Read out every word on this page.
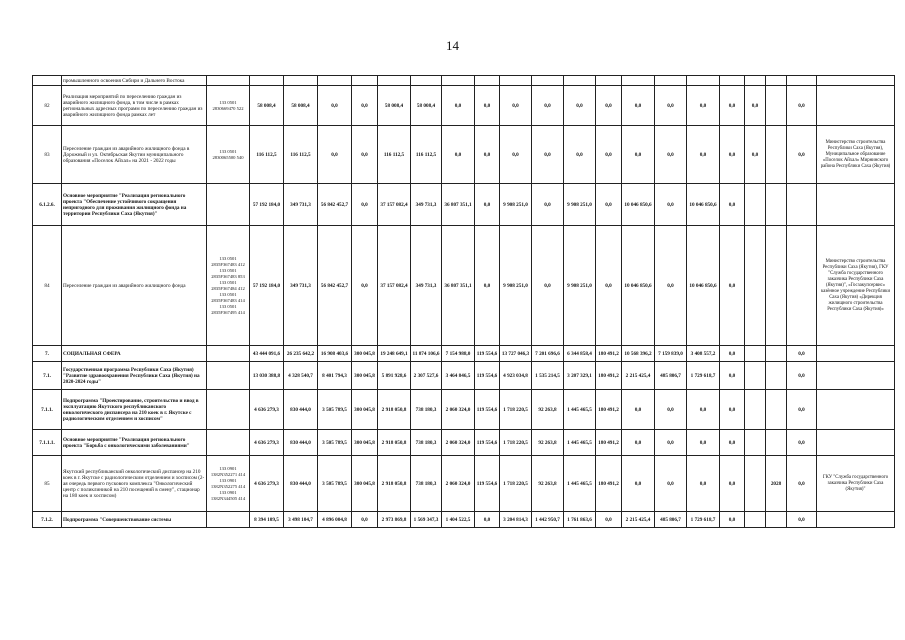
14
	промышленного освоения Сибири и Дальнего Востока																					
82	Реализация мероприятий по переселению граждан из аварийного жилищного фонда, в том числе в рамках региональных адресных программ по переселению граждан из аварийного жилищного фонда рамках лет	133 0501 2830669470 522	58 008,4	58 008,4	0,0	0,0	58 008,4	58 008,4	0,0	0,0	0,0	0,0	0,0	0,0	0,0	0,0	0,0	0,0	0,0		0,0	
83	Переселение граждан из аварийного жилищного фонда в Дорожный и ул. Октябрьская Якутии муниципального образования «Поселок Айхал» на 2021 - 2022 годы	133 0501 2830065500 540	116 112,5	116 112,5	0,0	0,0	116 112,5	116 112,5	0,0	0,0	0,0	0,0	0,0	0,0	0,0	0,0	0,0	0,0	0,0		0,0	Министерство строительства Республики Саха (Якутия), Муниципальное образование «Поселок Айхал» Мирнинского района Республики Саха (Якутия)
6.1.2.6.	Основное мероприятие "Реализация регионального проекта "Обеспечение устойчивого сокращения непригодного для проживания жилищного фонда на территории Республики Саха (Якутия)"		57 192 184,0	349 731,3	56 842 452,7	0,0	37 157 082,4	349 731,3	36 807 351,1	0,0	9 908 251,0	0,0	9 908 251,0	0,0	10 046 850,6	0,0	10 046 850,6	0,0				
84	Переселение граждан из аварийного жилищного фонда	133 0501 2835F367483 412 133 0501 2835F367483 853 133 0501 2835F367484 412 133 0501 2835F367483 414 133 0501 2835F367495 414	57 192 184,0	349 731,3	56 842 452,7	0,0	37 157 082,4	349 731,3	36 807 351,1	0,0	9 908 251,0	0,0	9 908 251,0	0,0	10 046 850,6	0,0	10 046 850,6	0,0				Министерство строительства Республики Саха (Якутия), ГКУ "Служба государственного заказчика Республики Саха (Якутия)", «Госзакупсервис» казённое учреждение Республики Саха (Якутия) «Дирекция жилищного строительства Республики Саха (Якутия)»
7.	СОЦИАЛЬНАЯ СФЕРА		43 444 091,6	26 235 642,2	16 908 403,6	300 045,8	19 248 649,1	11 874 106,6	7 154 988,0	119 554,6	13 727 046,3	7 201 696,6	6 344 858,4	180 491,2	10 568 396,2	7 159 839,0	3 408 557,2	0,0			0,0	
7.1.	Государственная программа Республики Саха (Якутия) "Развитие здравоохранения Республики Саха (Якутия) на 2020-2024 годы"		13 030 388,8	4 328 540,7	8 401 794,3	300 045,8	5 891 928,6	2 307 527,6	3 464 846,5	119 554,6	4 923 034,8	1 535 214,5	3 207 329,1	180 491,2	2 215 425,4	485 806,7	1 729 618,7	0,0			0,0	
7.1.1.	Подпрограмма "Проектирование, строительство и ввод в эксплуатацию Якутского республиканского онкологического диспансера на 210 коек в г. Якутске с радиологическим отделением и хосписом"		4 636 279,3	830 444,0	3 505 789,5	300 045,8	2 918 050,8	738 180,3	2 060 324,0	119 554,6	1 718 220,5	92 263,8	1 445 465,5	180 491,2	0,0	0,0	0,0	0,0			0,0	
7.1.1.1.	Основное мероприятие "Реализация регионального проекта "Борьба с онкологическими заболеваниями"		4 636 279,3	830 444,0	3 505 789,5	300 045,8	2 918 050,8	738 180,3	2 060 324,0	119 554,6	1 718 220,5	92 263,8	1 445 465,5	180 491,2	0,0	0,0	0,0	0,0			0,0	
85	Якутский республиканский онкологический диспансер на 210 коек в г. Якутске с радиологическим отделением и хосписом (2-ая очередь первого пускового комплекса "Онкологический центр с поликлиникой на 210 посещений в смену", стационар на 180 коек и хосписом)	133 0901 1382N352271 414 133 0901 1382N352275 414 133 0901 1382N344505 414	4 636 279,3	830 444,0	3 505 789,5	300 045,8	2 918 050,8	738 180,3	2 060 324,0	119 554,6	1 718 220,5	92 263,8	1 445 465,5	180 491,2	0,0	0,0	0,0	0,0		2028	0,0	ГКУ "Служба государственного заказчика Республики Саха (Якутия)"
7.1.2.	Подпрограмма "Совершенствование системы		8 394 109,5	3 498 104,7	4 896 004,8	0,0	2 973 869,8	1 569 347,3	1 404 522,5	0,0	3 204 814,3	1 442 950,7	1 761 863,6	0,0	2 215 425,4	485 806,7	1 729 618,7	0,0			0,0	
